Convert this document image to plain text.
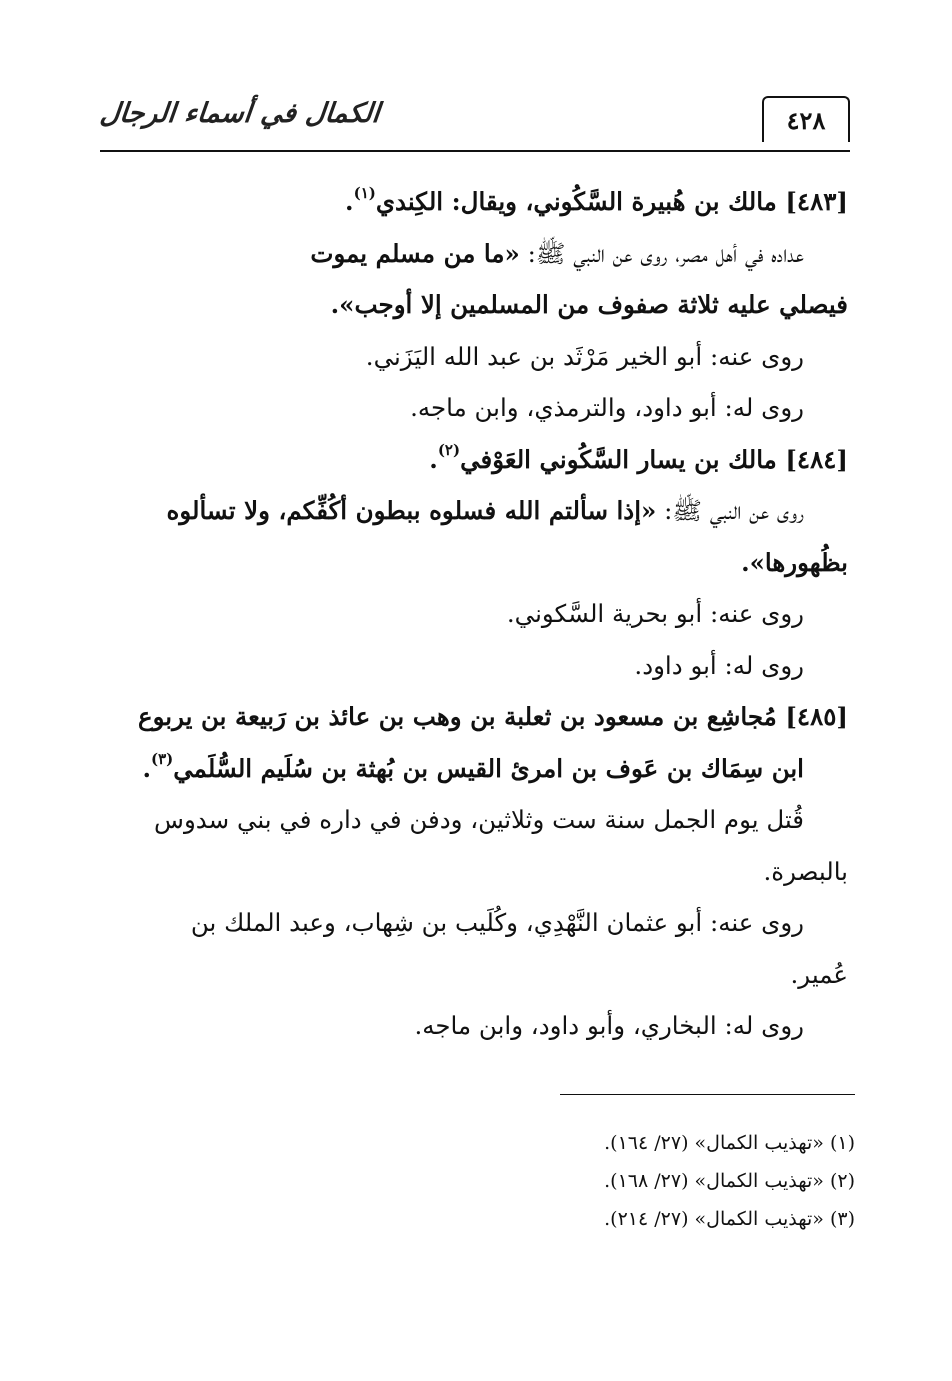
٤٢٨
الكمال في أسماء الرجال

[٤٨٣] مالك بن هُبيرة السَّكُوني، ويقال: الكِندي$^{(١)}$.

عداده في أهل مصر، روى عن النبي ﷺ: «ما من مسلم يموت

فيصلي عليه ثلاثة صفوف من المسلمين إلا أوجب».

روى عنه: أبو الخير مَرْثَد بن عبد الله اليَزَني.

روى له: أبو داود، والترمذي، وابن ماجه.

[٤٨٤] مالك بن يسار السَّكُوني العَوْفي$^{(٢)}$.

روى عن النبي ﷺ: «إذا سألتم الله فسلوه ببطون أكُفِّكم، ولا تسألوه

بظُهورها».

روى عنه: أبو بحرية السَّكوني.

روى له: أبو داود.

[٤٨٥] مُجاشِع بن مسعود بن ثعلبة بن وهب بن عائذ بن رَبيعة بن يربوع

ابن سِمَاك بن عَوف بن امرئ القيس بن بُهثة بن سُلَيم السُّلَمي$^{(٣)}$.

قُتل يوم الجمل سنة ست وثلاثين، ودفن في داره في بني سدوس

بالبصرة.

روى عنه: أبو عثمان النَّهْدِي، وكُلَيب بن شِهاب، وعبد الملك بن

عُمير.

روى له: البخاري، وأبو داود، وابن ماجه.

(١) «تهذيب الكمال» (٢٧/ ١٦٤).

(٢) «تهذيب الكمال» (٢٧/ ١٦٨).

(٣) «تهذيب الكمال» (٢٧/ ٢١٤).
